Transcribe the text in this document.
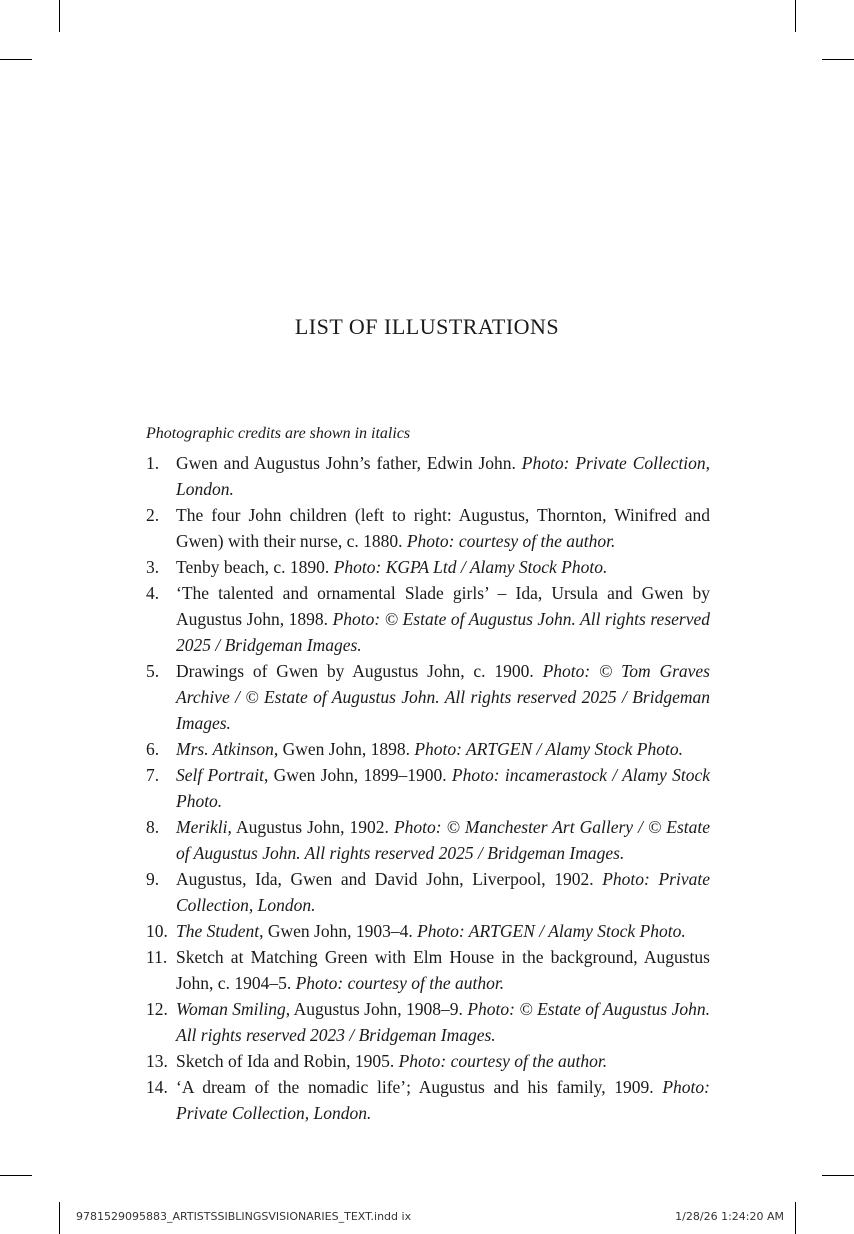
LIST OF ILLUSTRATIONS
Photographic credits are shown in italics
1. Gwen and Augustus John’s father, Edwin John. Photo: Private Collection, London.
2. The four John children (left to right: Augustus, Thornton, Winifred and Gwen) with their nurse, c. 1880. Photo: courtesy of the author.
3. Tenby beach, c. 1890. Photo: KGPA Ltd / Alamy Stock Photo.
4. ‘The talented and ornamental Slade girls’ – Ida, Ursula and Gwen by Augustus John, 1898. Photo: © Estate of Augustus John. All rights reserved 2025 / Bridgeman Images.
5. Drawings of Gwen by Augustus John, c. 1900. Photo: © Tom Graves Archive / © Estate of Augustus John. All rights reserved 2025 / Bridgeman Images.
6. Mrs. Atkinson, Gwen John, 1898. Photo: ARTGEN / Alamy Stock Photo.
7. Self Portrait, Gwen John, 1899–1900. Photo: incamerastock / Alamy Stock Photo.
8. Merikli, Augustus John, 1902. Photo: © Manchester Art Gallery / © Estate of Augustus John. All rights reserved 2025 / Bridgeman Images.
9. Augustus, Ida, Gwen and David John, Liverpool, 1902. Photo: Private Collection, London.
10. The Student, Gwen John, 1903–4. Photo: ARTGEN / Alamy Stock Photo.
11. Sketch at Matching Green with Elm House in the background, Augustus John, c. 1904–5. Photo: courtesy of the author.
12. Woman Smiling, Augustus John, 1908–9. Photo: © Estate of Augustus John. All rights reserved 2023 / Bridgeman Images.
13. Sketch of Ida and Robin, 1905. Photo: courtesy of the author.
14. ‘A dream of the nomadic life’; Augustus and his family, 1909. Photo: Private Collection, London.
9781529095883_ARTISTSSIBLINGSVISIONARIES_TEXT.indd ix	1/28/26 1:24:20 AM
